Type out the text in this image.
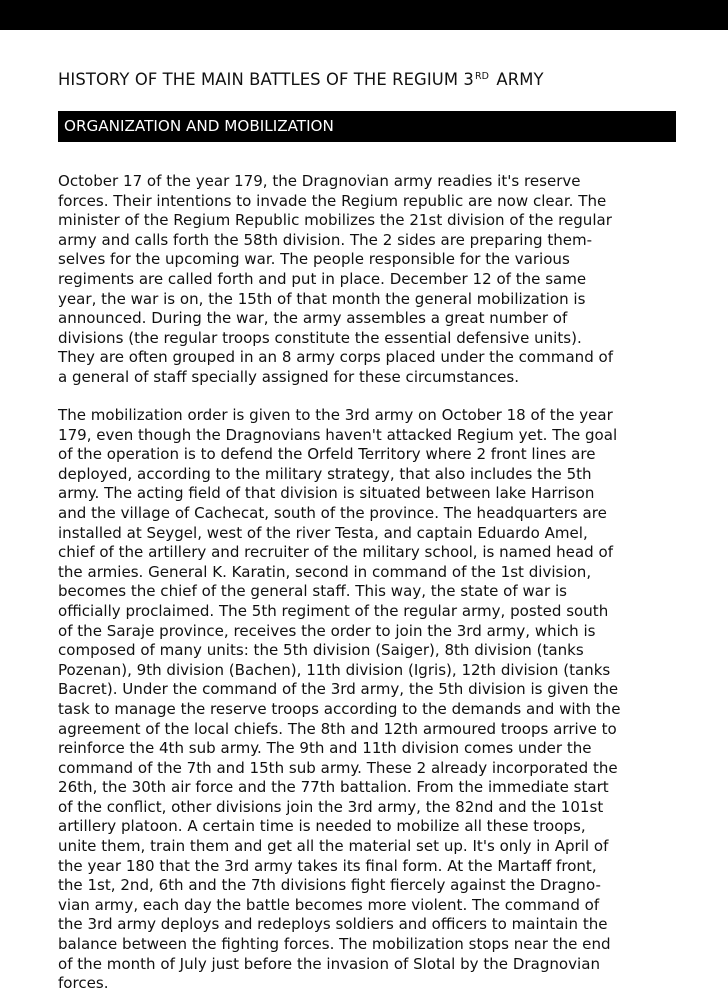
HISTORY OF THE MAIN BATTLES OF THE REGIUM 3RD ARMY
ORGANIZATION AND MOBILIZATION
October 17 of the year 179, the Dragnovian army readies it's reserve
forces. Their intentions to invade the Regium republic are now clear. The
minister of the Regium Republic mobilizes the 21st division of the regular
army and calls forth the 58th division. The 2 sides are preparing them-
selves for the upcoming war. The people responsible for the various
regiments are called forth and put in place. December 12 of the same
year, the war is on, the 15th of that month the general mobilization is
announced. During the war, the army assembles a great number of
divisions (the regular troops constitute the essential defensive units).
They are often grouped in an 8 army corps placed under the command of
a general of staff specially assigned for these circumstances.
The mobilization order is given to the 3rd army on October 18 of the year
179, even though the Dragnovians haven't attacked Regium yet. The goal
of the operation is to defend the Orfeld Territory where 2 front lines are
deployed, according to the military strategy, that also includes the 5th
army. The acting field of that division is situated between lake Harrison
and the village of Cachecat, south of the province. The headquarters are
installed at Seygel, west of the river Testa, and captain Eduardo Amel,
chief of the artillery and recruiter of the military school, is named head of
the armies. General K. Karatin, second in command of the 1st division,
becomes the chief of the general staff. This way, the state of war is
officially proclaimed. The 5th regiment of the regular army, posted south
of the Saraje province, receives the order to join the 3rd army, which is
composed of many units: the 5th division (Saiger), 8th division (tanks
Pozenan), 9th division (Bachen), 11th division (Igris), 12th division (tanks
Bacret). Under the command of the 3rd army, the 5th division is given the
task to manage the reserve troops according to the demands and with the
agreement of the local chiefs. The 8th and 12th armoured troops arrive to
reinforce the 4th sub army. The 9th and 11th division comes under the
command of the 7th and 15th sub army. These 2 already incorporated the
26th, the 30th air force and the 77th battalion. From the immediate start
of the conflict, other divisions join the 3rd army, the 82nd and the 101st
artillery platoon. A certain time is needed to mobilize all these troops,
unite them, train them and get all the material set up. It's only in April of
the year 180 that the 3rd army takes its final form. At the Martaff front,
the 1st, 2nd, 6th and the 7th divisions fight fiercely against the Dragno-
vian army, each day the battle becomes more violent. The command of
the 3rd army deploys and redeploys soldiers and officers to maintain the
balance between the fighting forces. The mobilization stops near the end
of the month of July just before the invasion of Slotal by the Dragnovian
forces.
